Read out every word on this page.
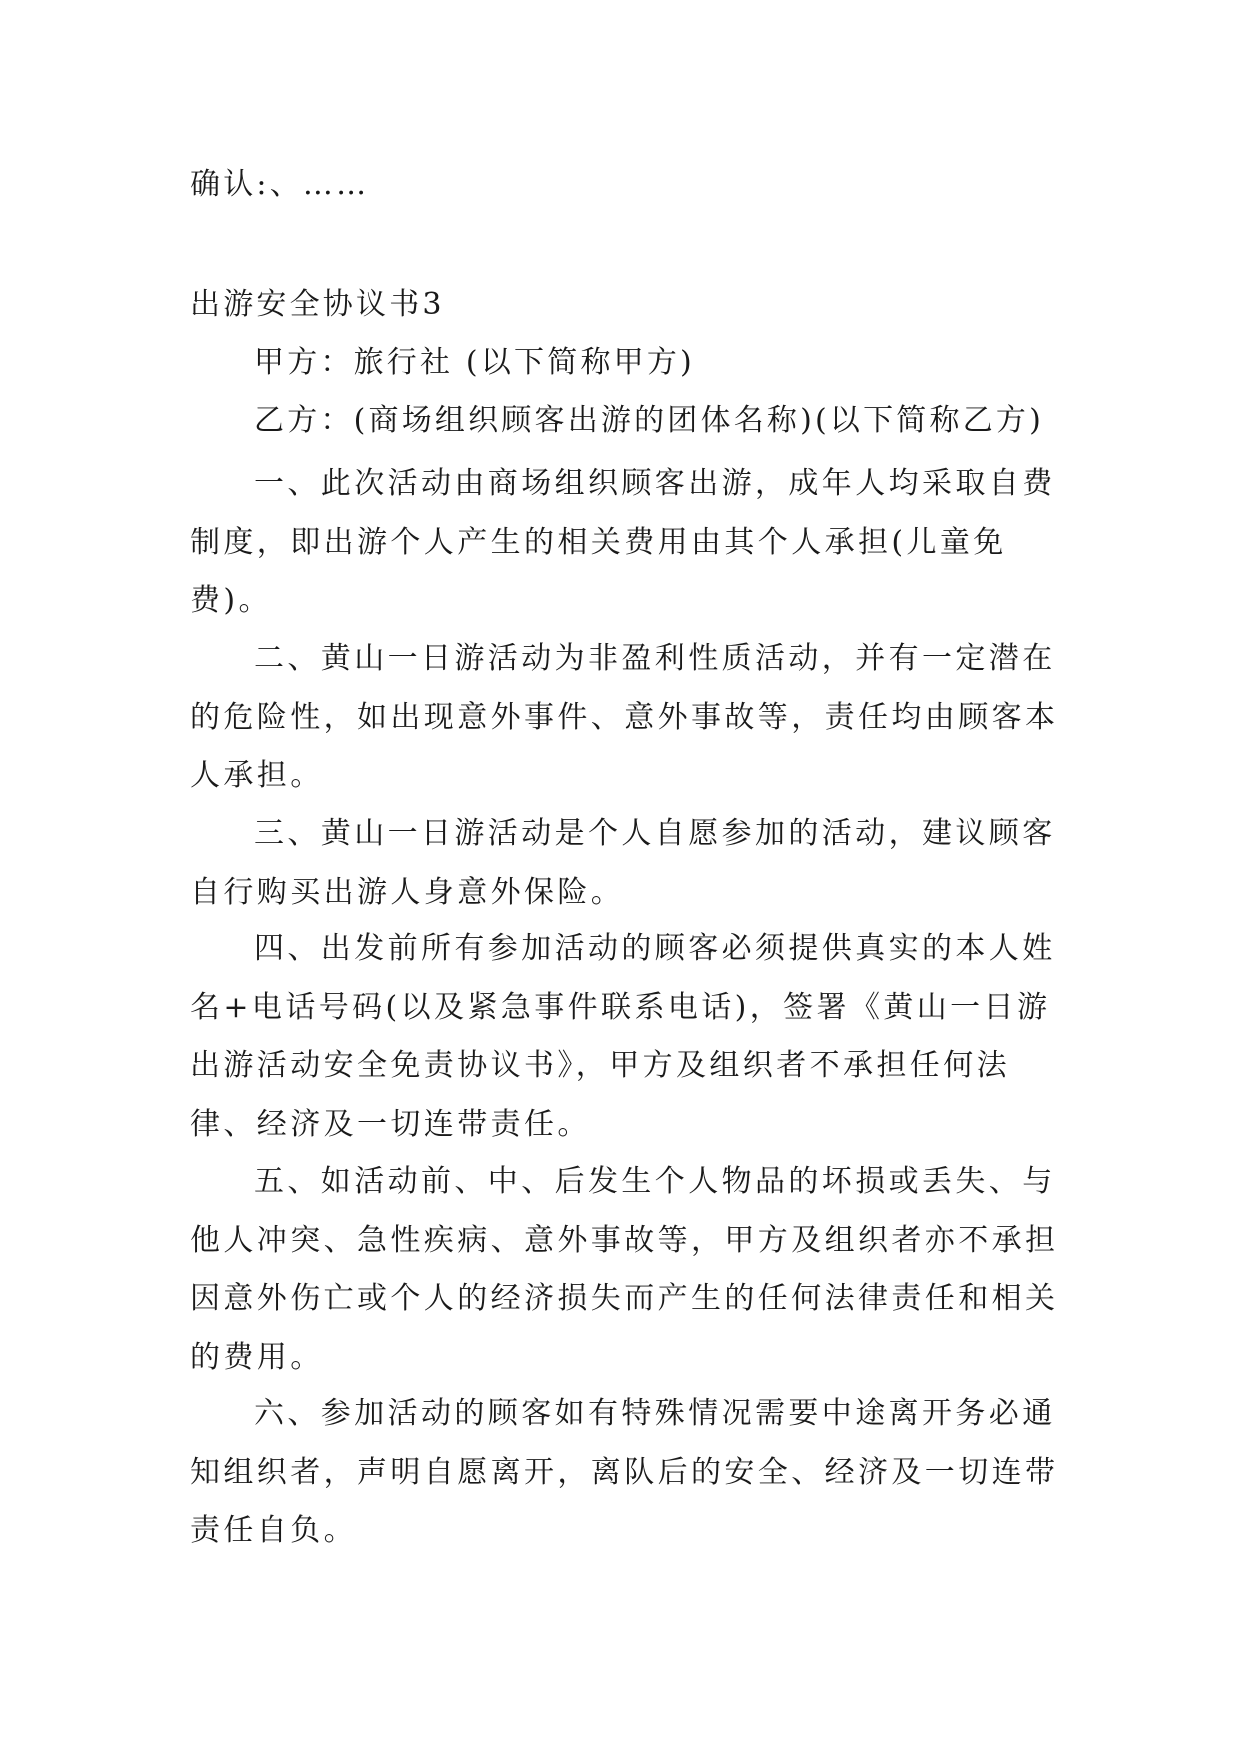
确认:、……

出游安全协议书3

甲方：旅行社 (以下简称甲方)

乙方：(商场组织顾客出游的团体名称)(以下简称乙方)

一、此次活动由商场组织顾客出游，成年人均采取自费制度，即出游个人产生的相关费用由其个人承担(儿童免费)。

二、黄山一日游活动为非盈利性质活动，并有一定潜在的危险性，如出现意外事件、意外事故等，责任均由顾客本人承担。

三、黄山一日游活动是个人自愿参加的活动，建议顾客自行购买出游人身意外保险。

四、出发前所有参加活动的顾客必须提供真实的本人姓名+电话号码(以及紧急事件联系电话)，签署《黄山一日游出游活动安全免责协议书》，甲方及组织者不承担任何法律、经济及一切连带责任。

五、如活动前、中、后发生个人物品的坏损或丢失、与他人冲突、急性疾病、意外事故等，甲方及组织者亦不承担因意外伤亡或个人的经济损失而产生的任何法律责任和相关的费用。

六、参加活动的顾客如有特殊情况需要中途离开务必通知组织者，声明自愿离开，离队后的安全、经济及一切连带责任自负。
